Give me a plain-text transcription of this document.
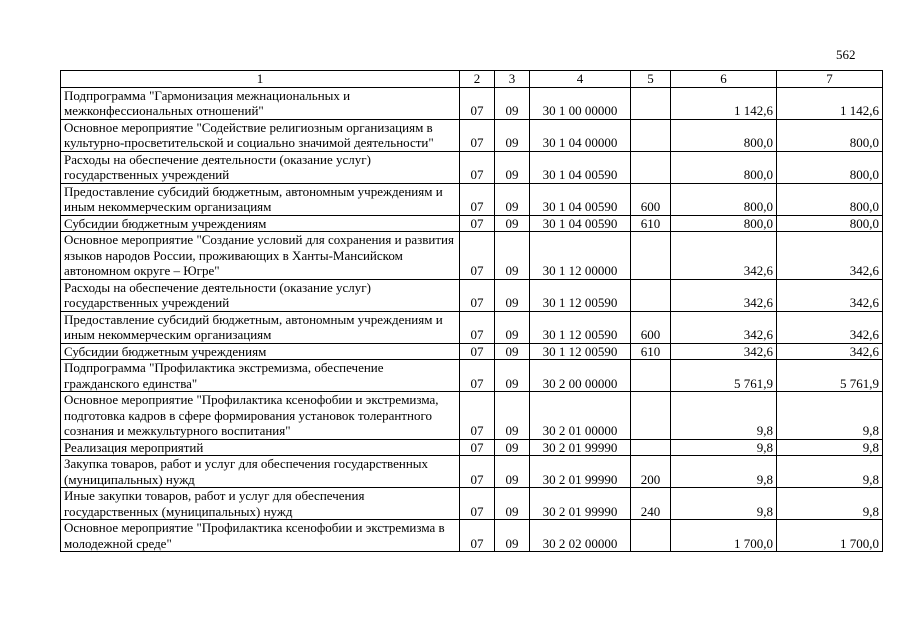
562
1	2	3	4	5	6	7
Подпрограмма "Гармонизация межнациональных и межконфессиональных отношений"	07	09	30 1 00 00000		1 142,6	1 142,6
Основное мероприятие "Содействие религиозным организациям в культурно-просветительской и социально значимой деятельности"	07	09	30 1 04 00000		800,0	800,0
Расходы на обеспечение деятельности (оказание услуг) государственных учреждений	07	09	30 1 04 00590		800,0	800,0
Предоставление субсидий бюджетным, автономным учреждениям и иным некоммерческим организациям	07	09	30 1 04 00590	600	800,0	800,0
Субсидии бюджетным учреждениям	07	09	30 1 04 00590	610	800,0	800,0
Основное мероприятие "Создание условий для сохранения и развития языков народов России, проживающих в Ханты-Мансийском автономном округе – Югре"	07	09	30 1 12 00000		342,6	342,6
Расходы на обеспечение деятельности (оказание услуг) государственных учреждений	07	09	30 1 12 00590		342,6	342,6
Предоставление субсидий бюджетным, автономным учреждениям и иным некоммерческим организациям	07	09	30 1 12 00590	600	342,6	342,6
Субсидии бюджетным учреждениям	07	09	30 1 12 00590	610	342,6	342,6
Подпрограмма "Профилактика экстремизма, обеспечение гражданского единства"	07	09	30 2 00 00000		5 761,9	5 761,9
Основное мероприятие "Профилактика ксенофобии и экстремизма, подготовка кадров в сфере формирования установок толерантного сознания и межкультурного воспитания"	07	09	30 2 01 00000		9,8	9,8
Реализация мероприятий	07	09	30 2 01 99990		9,8	9,8
Закупка товаров, работ и услуг для обеспечения государственных (муниципальных) нужд	07	09	30 2 01 99990	200	9,8	9,8
Иные закупки товаров, работ и услуг для обеспечения государственных (муниципальных) нужд	07	09	30 2 01 99990	240	9,8	9,8
Основное мероприятие "Профилактика ксенофобии и экстремизма в молодежной среде"	07	09	30 2 02 00000		1 700,0	1 700,0
